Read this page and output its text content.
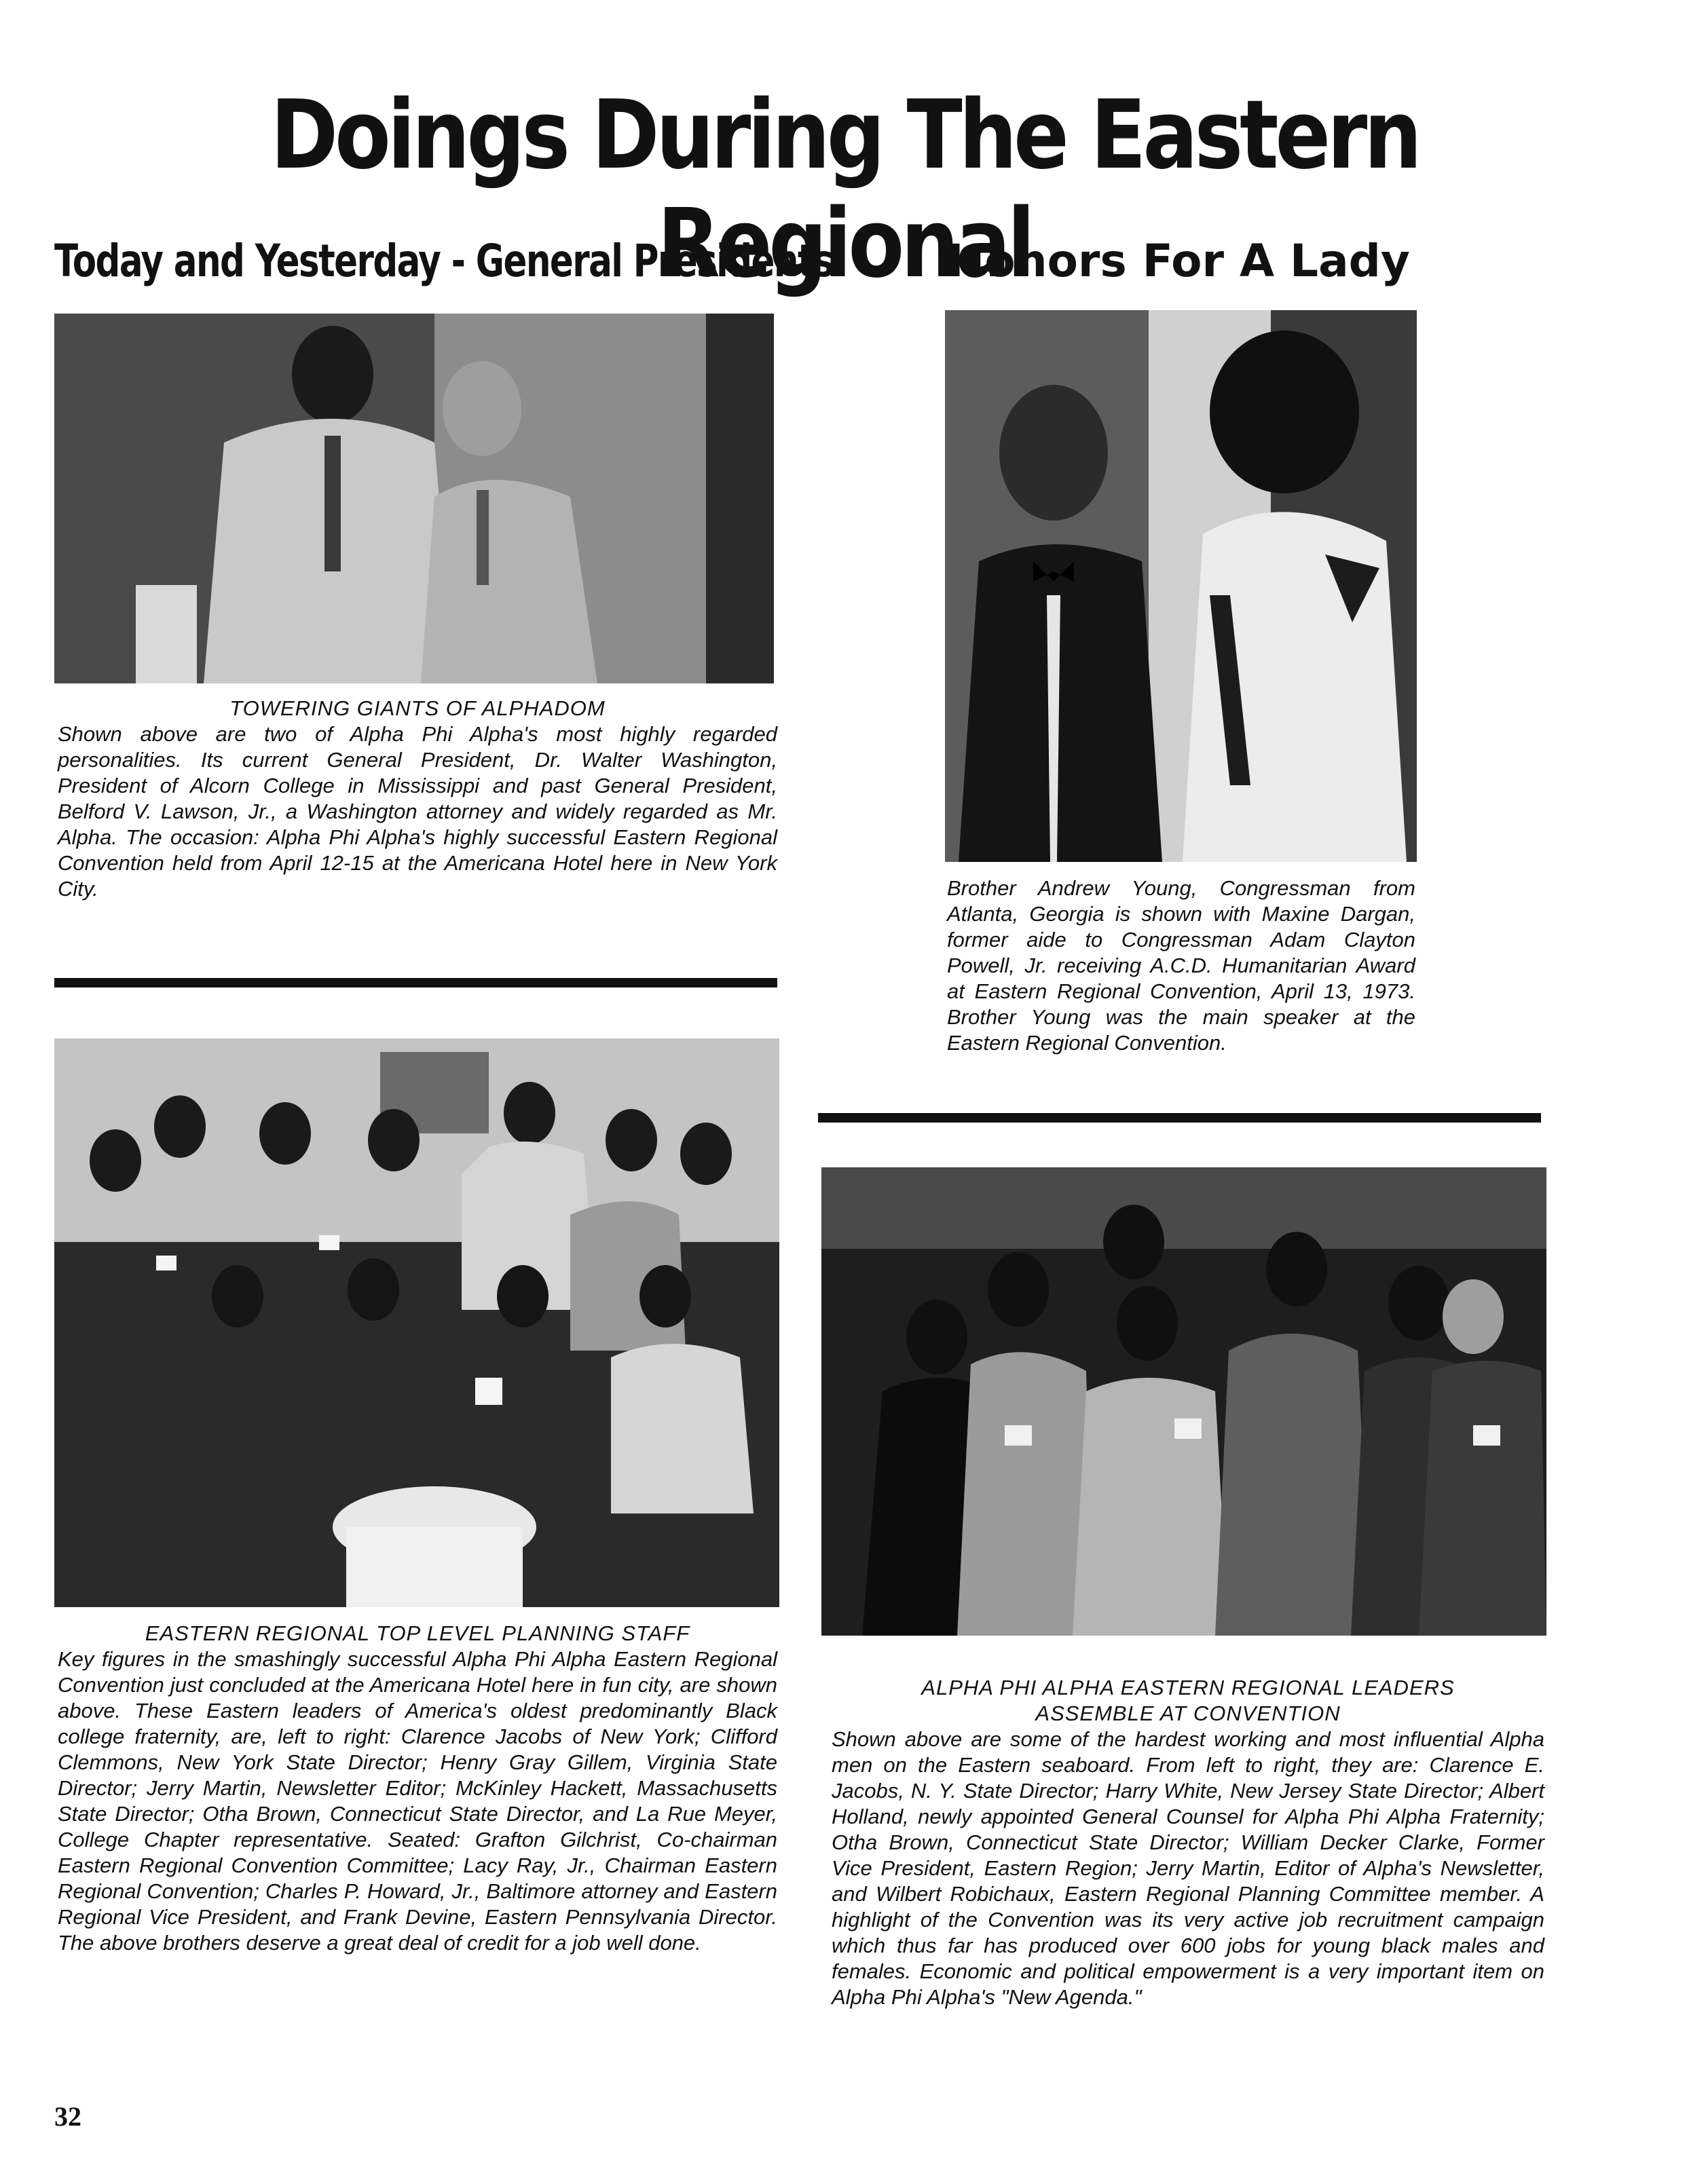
Doings During The Eastern Regional
Today and Yesterday - General Presidents	Honors For A Lady

TOWERING GIANTS OF ALPHADOM

Shown above are two of Alpha Phi Alpha's most highly regarded personalities. Its current General President, Dr. Walter Washington, President of Alcorn College in Mississippi and past General President, Belford V. Lawson, Jr., a Washington attorney and widely regarded as Mr. Alpha. The occasion: Alpha Phi Alpha's highly successful Eastern Regional Convention held from April 12-15 at the Americana Hotel here in New York City.	Brother Andrew Young, Congressman from Atlanta, Georgia is shown with Maxine Dargan, former aide to Congressman Adam Clayton Powell, Jr. receiving A.C.D. Humanitarian Award at Eastern Regional Convention, April 13, 1973. Brother Young was the main speaker at the Eastern Regional Convention.

EASTERN REGIONAL TOP LEVEL PLANNING STAFF

Key figures in the smashingly successful Alpha Phi Alpha Eastern Regional Convention just concluded at the Americana Hotel here in fun city, are shown above. These Eastern leaders of America's oldest predominantly Black college fraternity, are, left to right: Clarence Jacobs of New York; Clifford Clemmons, New York State Director; Henry Gray Gillem, Virginia State Director; Jerry Martin, Newsletter Editor; McKinley Hackett, Massachusetts State Director; Otha Brown, Connecticut State Director, and La Rue Meyer, College Chapter representative. Seated: Grafton Gilchrist, Co-chairman Eastern Regional Convention Committee; Lacy Ray, Jr., Chairman Eastern Regional Convention; Charles P. Howard, Jr., Baltimore attorney and Eastern Regional Vice President, and Frank Devine, Eastern Pennsylvania Director. The above brothers deserve a great deal of credit for a job well done.

ALPHA PHI ALPHA EASTERN REGIONAL LEADERS

ASSEMBLE AT CONVENTION

Shown above are some of the hardest working and most influential Alpha men on the Eastern seaboard. From left to right, they are: Clarence E. Jacobs, N. Y. State Director; Harry White, New Jersey State Director; Albert Holland, newly appointed General Counsel for Alpha Phi Alpha Fraternity; Otha Brown, Connecticut State Director; William Decker Clarke, Former Vice President, Eastern Region; Jerry Martin, Editor of Alpha's Newsletter, and Wilbert Robichaux, Eastern Regional Planning Committee member. A highlight of the Convention was its very active job recruitment campaign which thus far has produced over 600 jobs for young black males and females. Economic and political empowerment is a very important item on Alpha Phi Alpha's "New Agenda."

32
